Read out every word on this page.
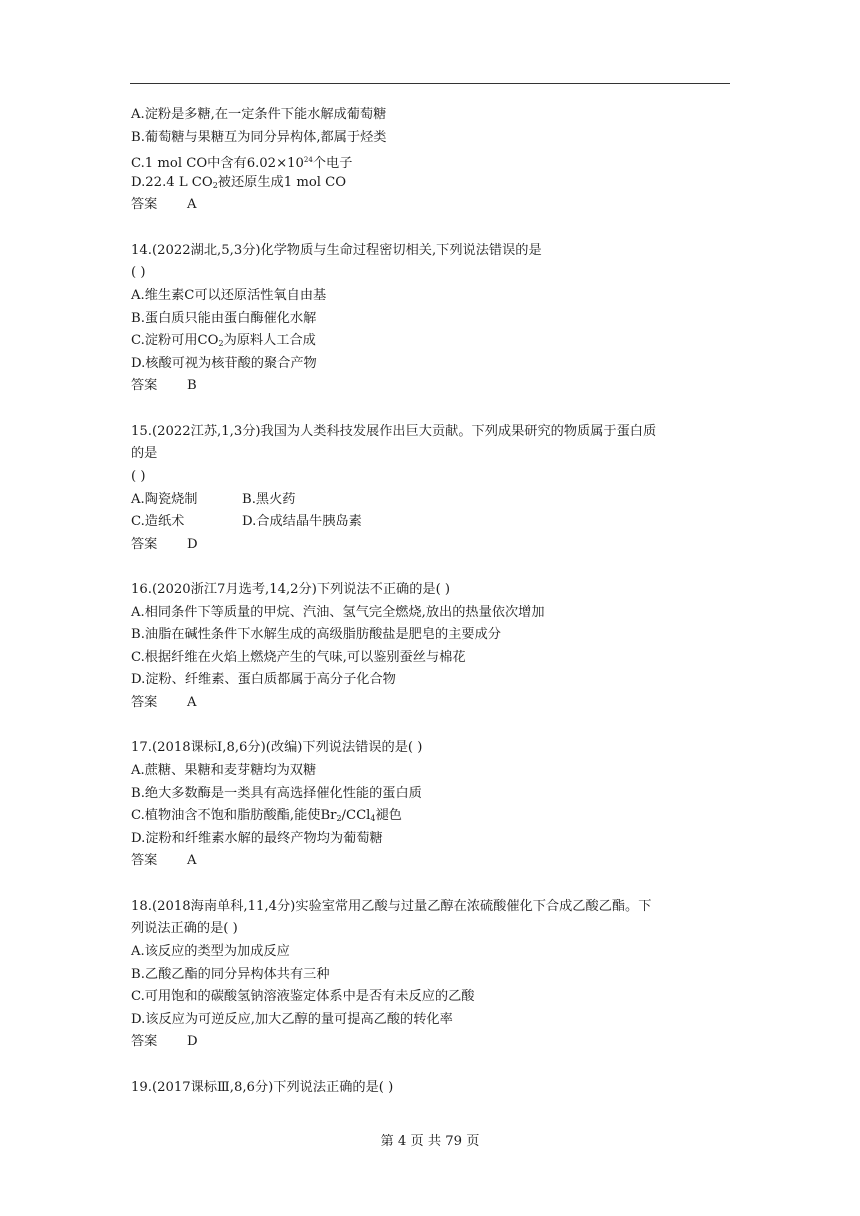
A.淀粉是多糖,在一定条件下能水解成葡萄糖
B.葡萄糖与果糖互为同分异构体,都属于烃类
C.1 mol CO中含有$6.02\times 10^{24}$个电子
D.22.4 L $CO_2$被还原生成1 mol CO
答案 A
14.(2022湖北,5,3分)化学物质与生命过程密切相关,下列说法错误的是
( )
A.维生素C可以还原活性氧自由基
B.蛋白质只能由蛋白酶催化水解
C.淀粉可用$CO_2$为原料人工合成
D.核酸可视为核苷酸的聚合产物
答案 B
15.(2022江苏,1,3分)我国为人类科技发展作出巨大贡献。下列成果研究的物质属于蛋白质
的是
( )
A.陶瓷烧制	B.黑火药
C.造纸术	D.合成结晶牛胰岛素
答案 D
16.(2020浙江7月选考,14,2分)下列说法不正确的是( )
A.相同条件下等质量的甲烷、汽油、氢气完全燃烧,放出的热量依次增加
B.油脂在碱性条件下水解生成的高级脂肪酸盐是肥皂的主要成分
C.根据纤维在火焰上燃烧产生的气味,可以鉴别蚕丝与棉花
D.淀粉、纤维素、蛋白质都属于高分子化合物
答案 A
17.(2018课标Ⅰ,8,6分)(改编)下列说法错误的是( )
A.蔗糖、果糖和麦芽糖均为双糖
B.绝大多数酶是一类具有高选择催化性能的蛋白质
C.植物油含不饱和脂肪酸酯,能使$Br_2/CCl_4$褪色
D.淀粉和纤维素水解的最终产物均为葡萄糖
答案 A
18.(2018海南单科,11,4分)实验室常用乙酸与过量乙醇在浓硫酸催化下合成乙酸乙酯。下
列说法正确的是( )
A.该反应的类型为加成反应
B.乙酸乙酯的同分异构体共有三种
C.可用饱和的碳酸氢钠溶液鉴定体系中是否有未反应的乙酸
D.该反应为可逆反应,加大乙醇的量可提高乙酸的转化率
答案 D
19.(2017课标Ⅲ,8,6分)下列说法正确的是( )
第 4 页 共 79 页
